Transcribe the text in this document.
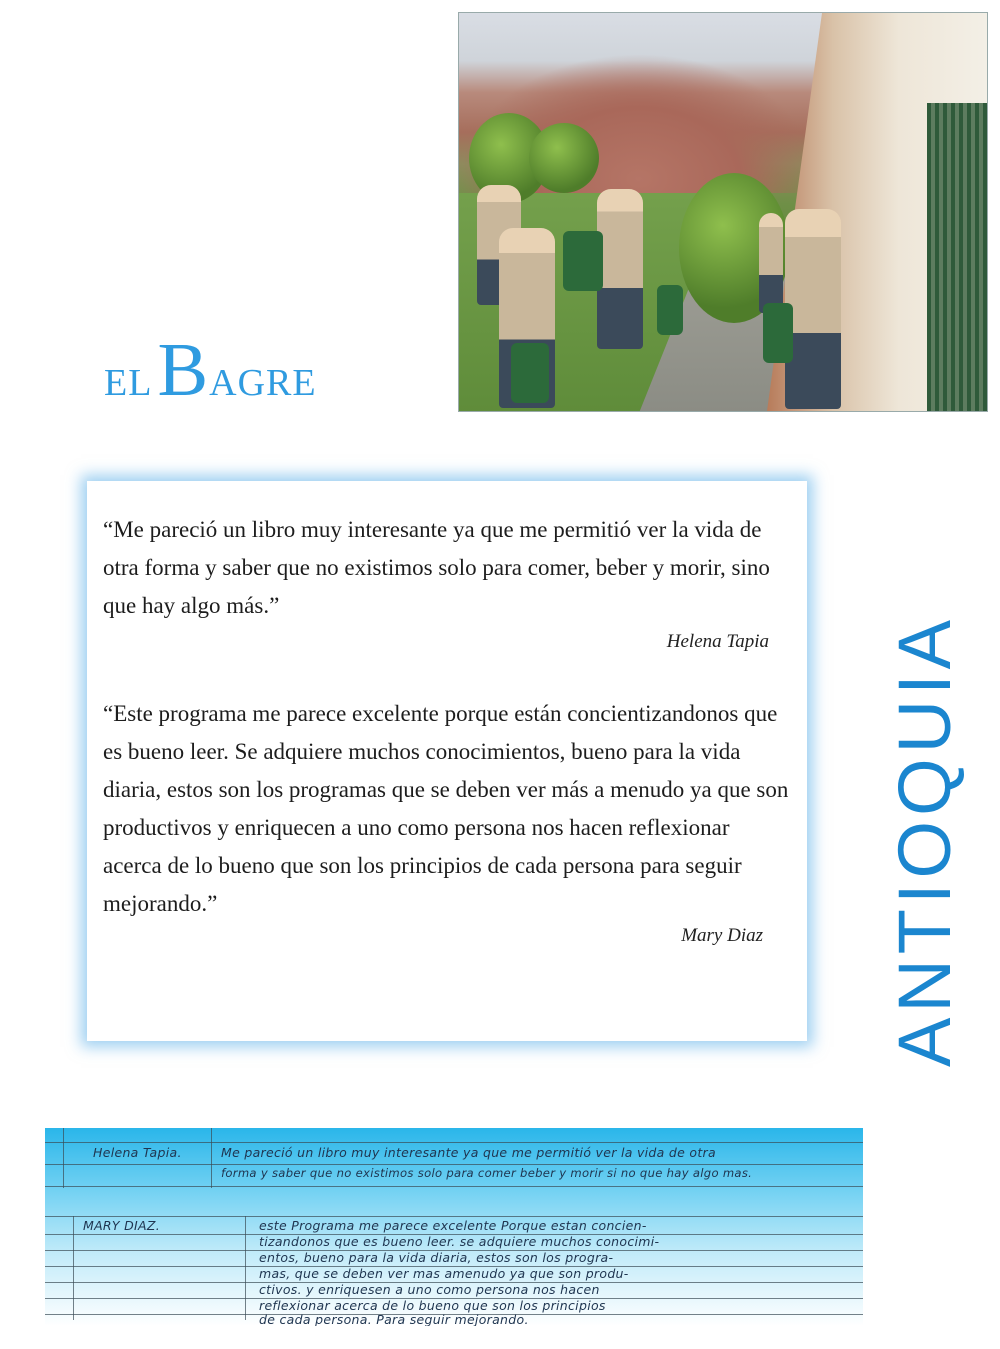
EL BAGRE
“Me pareció un libro muy interesante ya que me permitió ver la vida de otra forma y saber que no existimos solo para comer, beber y morir, sino que hay algo más.”
Helena Tapia
“Este programa me parece excelente porque están concientizandonos que es bueno leer. Se adquiere muchos conocimientos, bueno para la vida diaria, estos son los programas que se deben ver más a menudo ya que son productivos y enriquecen a uno como persona nos hacen reflexionar acerca de lo bueno que son los principios de cada persona para seguir mejorando.”
Mary Diaz ANTIOQUIA
Helena Tapia.	Me pareció un libro muy interesante ya que me permitió ver la vida de otra
forma y saber que no existimos solo para comer beber y morir si no que hay algo mas.
MARY DIAZ.	este Programa me parece excelente Porque estan concien-
tizandonos que es bueno leer. se adquiere muchos conocimi-
entos, bueno para la vida diaria, estos son los progra-
mas, que se deben ver mas amenudo ya que son produ-
ctivos. y enriquesen a uno como persona nos hacen
reflexionar acerca de lo bueno que son los principios
de cada persona. Para seguir mejorando.
